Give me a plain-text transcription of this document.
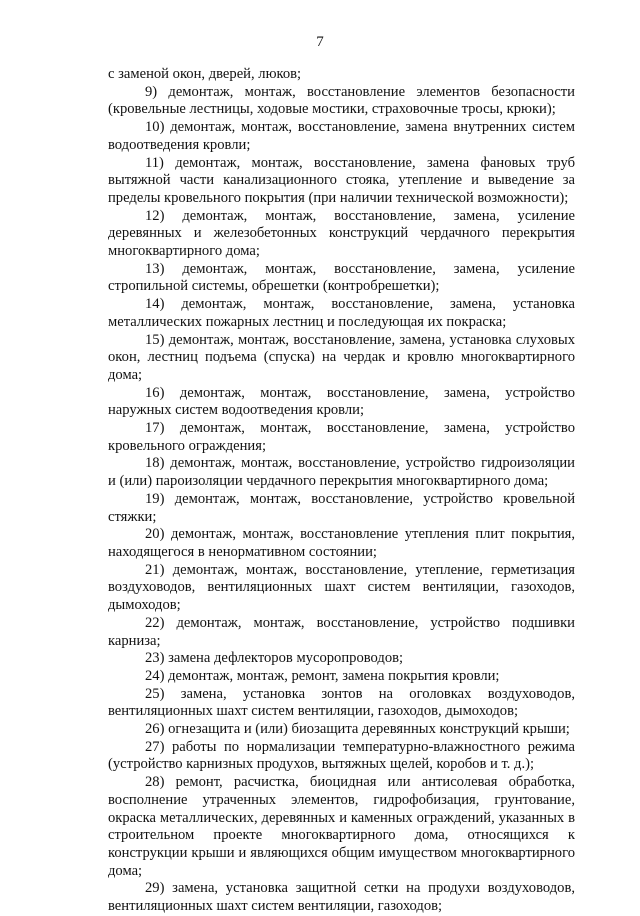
7

с заменой окон, дверей, люков;

9) демонтаж, монтаж, восстановление элементов безопасности (кровельные лестницы, ходовые мостики, страховочные тросы, крюки);

10) демонтаж, монтаж, восстановление, замена внутренних систем водоотведения кровли;

11) демонтаж, монтаж, восстановление, замена фановых труб вытяжной части канализационного стояка, утепление и выведение за пределы кровельного покрытия (при наличии технической возможности);

12) демонтаж, монтаж, восстановление, замена, усиление деревянных и железобетонных конструкций чердачного перекрытия многоквартирного дома;

13) демонтаж, монтаж, восстановление, замена, усиление стропильной системы, обрешетки (контробрешетки);

14) демонтаж, монтаж, восстановление, замена, установка металлических пожарных лестниц и последующая их покраска;

15) демонтаж, монтаж, восстановление, замена, установка слуховых окон, лестниц подъема (спуска) на чердак и кровлю многоквартирного дома;

16) демонтаж, монтаж, восстановление, замена, устройство наружных систем водоотведения кровли;

17) демонтаж, монтаж, восстановление, замена, устройство кровельного ограждения;

18) демонтаж, монтаж, восстановление, устройство гидроизоляции и (или) пароизоляции чердачного перекрытия многоквартирного дома;

19) демонтаж, монтаж, восстановление, устройство кровельной стяжки;

20) демонтаж, монтаж, восстановление утепления плит покрытия, находящегося в ненормативном состоянии;

21) демонтаж, монтаж, восстановление, утепление, герметизация воздуховодов, вентиляционных шахт систем вентиляции, газоходов, дымоходов;

22) демонтаж, монтаж, восстановление, устройство подшивки карниза;

23) замена дефлекторов мусоропроводов;

24) демонтаж, монтаж, ремонт, замена покрытия кровли;

25) замена, установка зонтов на оголовках воздуховодов, вентиляционных шахт систем вентиляции, газоходов, дымоходов;

26) огнезащита и (или) биозащита деревянных конструкций крыши;

27) работы по нормализации температурно-влажностного режима (устройство карнизных продухов, вытяжных щелей, коробов и т. д.);

28) ремонт, расчистка, биоцидная или антисолевая обработка, восполнение утраченных элементов, гидрофобизация, грунтование, окраска металлических, деревянных и каменных ограждений, указанных в строительном проекте многоквартирного дома, относящихся к конструкции крыши и являющихся общим имуществом многоквартирного дома;

29) замена, установка защитной сетки на продухи воздуховодов, вентиляционных шахт систем вентиляции, газоходов;
